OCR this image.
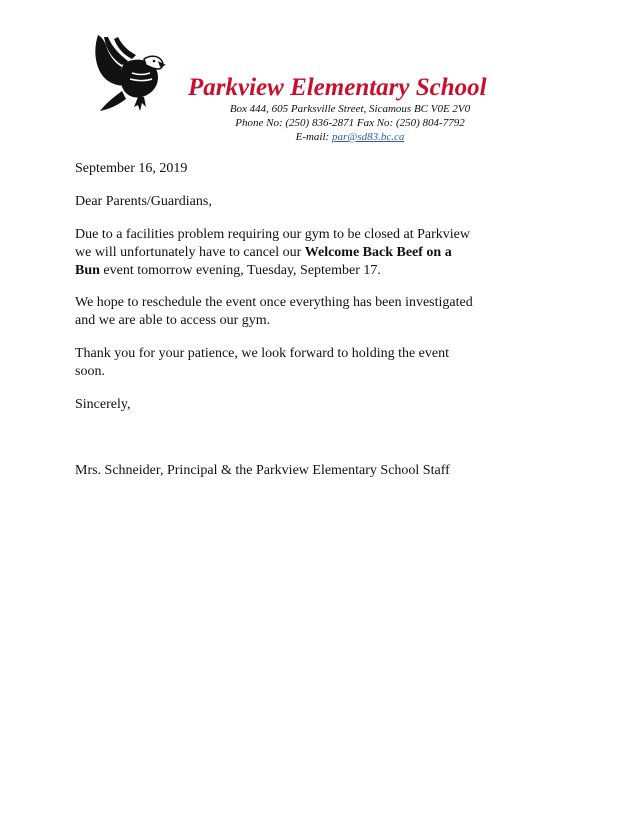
Parkview Elementary School
Box 444, 605 Parksville Street, Sicamous BC V0E 2V0
Phone No: (250) 836-2871 Fax No: (250) 804-7792
E-mail: par@sd83.bc.ca
September 16, 2019
Dear Parents/Guardians,
Due to a facilities problem requiring our gym to be closed at Parkview
we will unfortunately have to cancel our Welcome Back Beef on a
Bun event tomorrow evening, Tuesday, September 17.
We hope to reschedule the event once everything has been investigated
and we are able to access our gym.
Thank you for your patience, we look forward to holding the event
soon.
Sincerely,
Mrs. Schneider, Principal & the Parkview Elementary School Staff
